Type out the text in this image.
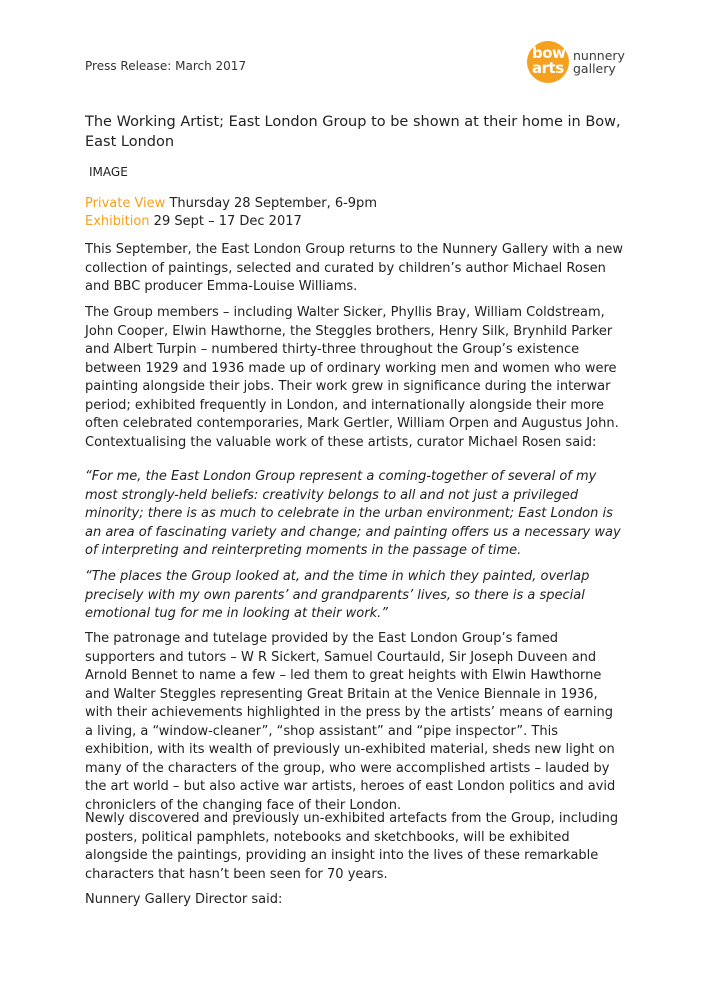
Press Release: March 2017
bow
arts
nunnery
gallery
The Working Artist; East London Group to be shown at their home in Bow, East London
IMAGE
Private View Thursday 28 September, 6-9pm
Exhibition 29 Sept – 17 Dec 2017

This September, the East London Group returns to the Nunnery Gallery with a new collection of paintings, selected and curated by children’s author Michael Rosen and BBC producer Emma-Louise Williams.

The Group members – including Walter Sicker, Phyllis Bray, William Coldstream, John Cooper, Elwin Hawthorne, the Steggles brothers, Henry Silk, Brynhild Parker and Albert Turpin – numbered thirty-three throughout the Group’s existence between 1929 and 1936 made up of ordinary working men and women who were painting alongside their jobs. Their work grew in significance during the interwar period; exhibited frequently in London, and internationally alongside their more often celebrated contemporaries, Mark Gertler, William Orpen and Augustus John. Contextualising the valuable work of these artists, curator Michael Rosen said:

“For me, the East London Group represent a coming-together of several of my most strongly-held beliefs: creativity belongs to all and not just a privileged minority; there is as much to celebrate in the urban environment; East London is an area of fascinating variety and change; and painting offers us a necessary way of interpreting and reinterpreting moments in the passage of time.

“The places the Group looked at, and the time in which they painted, overlap precisely with my own parents’ and grandparents’ lives, so there is a special emotional tug for me in looking at their work.”

The patronage and tutelage provided by the East London Group’s famed supporters and tutors – W R Sickert, Samuel Courtauld, Sir Joseph Duveen and Arnold Bennet to name a few – led them to great heights with Elwin Hawthorne and Walter Steggles representing Great Britain at the Venice Biennale in 1936, with their achievements highlighted in the press by the artists’ means of earning a living, a “window-cleaner”, “shop assistant” and “pipe inspector”. This exhibition, with its wealth of previously un-exhibited material, sheds new light on many of the characters of the group, who were accomplished artists – lauded by the art world – but also active war artists, heroes of east London politics and avid chroniclers of the changing face of their London.

Newly discovered and previously un-exhibited artefacts from the Group, including posters, political pamphlets, notebooks and sketchbooks, will be exhibited alongside the paintings, providing an insight into the lives of these remarkable characters that hasn’t been seen for 70 years.

Nunnery Gallery Director said:
